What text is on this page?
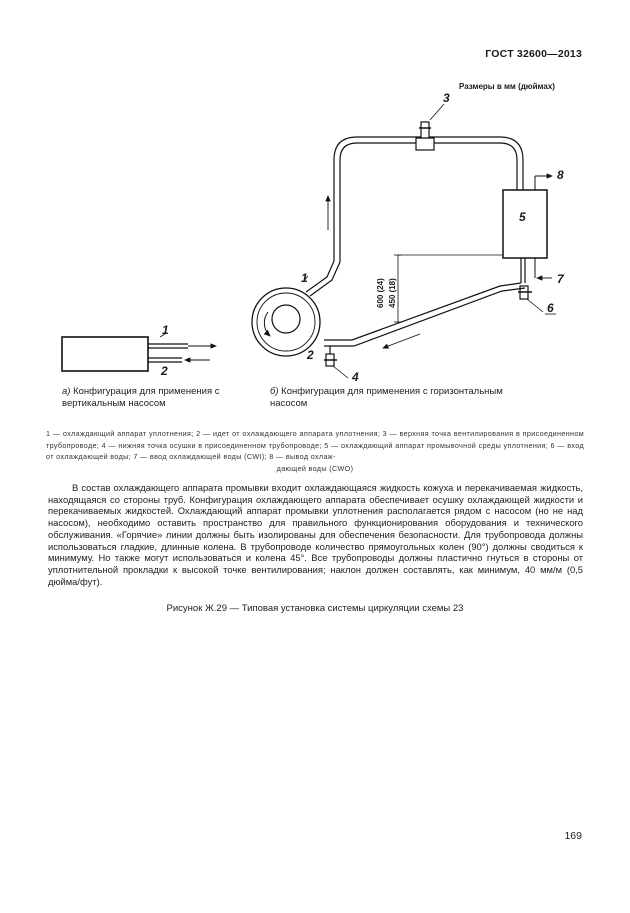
ГОСТ 32600—2013
Размеры в мм (дюймах)
1
2
3
5
8
7
6
600 (24) 450 (18)
1
4
2
а) Конфигурация для применения с вертикальным насосом
б) Конфигурация для применения с горизонтальным насосом
1 — охлаждающий аппарат уплотнения; 2 — идет от охлаждающего аппарата уплотнения; 3 — верхняя точка вентилирования в присоединенном трубопроводе; 4 — нижняя точка осушки в присоединенном трубопроводе; 5 — охлаждающий аппарат промывочной среды уплотнения; 6 — вход от охлаждающей воды; 7 — ввод охлаждающей воды (CWI); 8 — вывод охлаж-
дающей воды (CWO)

В состав охлаждающего аппарата промывки входит охлаждающаяся жидкость кожуха и перекачиваемая жидкость, находящаяся со стороны труб. Конфигурация охлаждающего аппарата обеспечивает осушку охлаждающей жидкости и перекачиваемых жидкостей. Охлаждающий аппарат промывки уплотнения располагается рядом с насосом (но не над насосом), необходимо оставить пространство для правильного функционирования оборудования и технического обслуживания. «Горячие» линии должны быть изолированы для обеспечения безопасности. Для трубопровода должны использоваться гладкие, длинные колена. В трубопроводе количество прямоугольных колен (90°) должны сводиться к минимуму. Но также могут использоваться и колена 45°. Все трубопроводы должны пластично гнуться в стороны от уплотнительной прокладки к высокой точке вентилирования; наклон должен составлять, как минимум, 40 мм/м (0,5 дюйма/фут).

Рисунок Ж.29 — Типовая установка системы циркуляции схемы 23
169
